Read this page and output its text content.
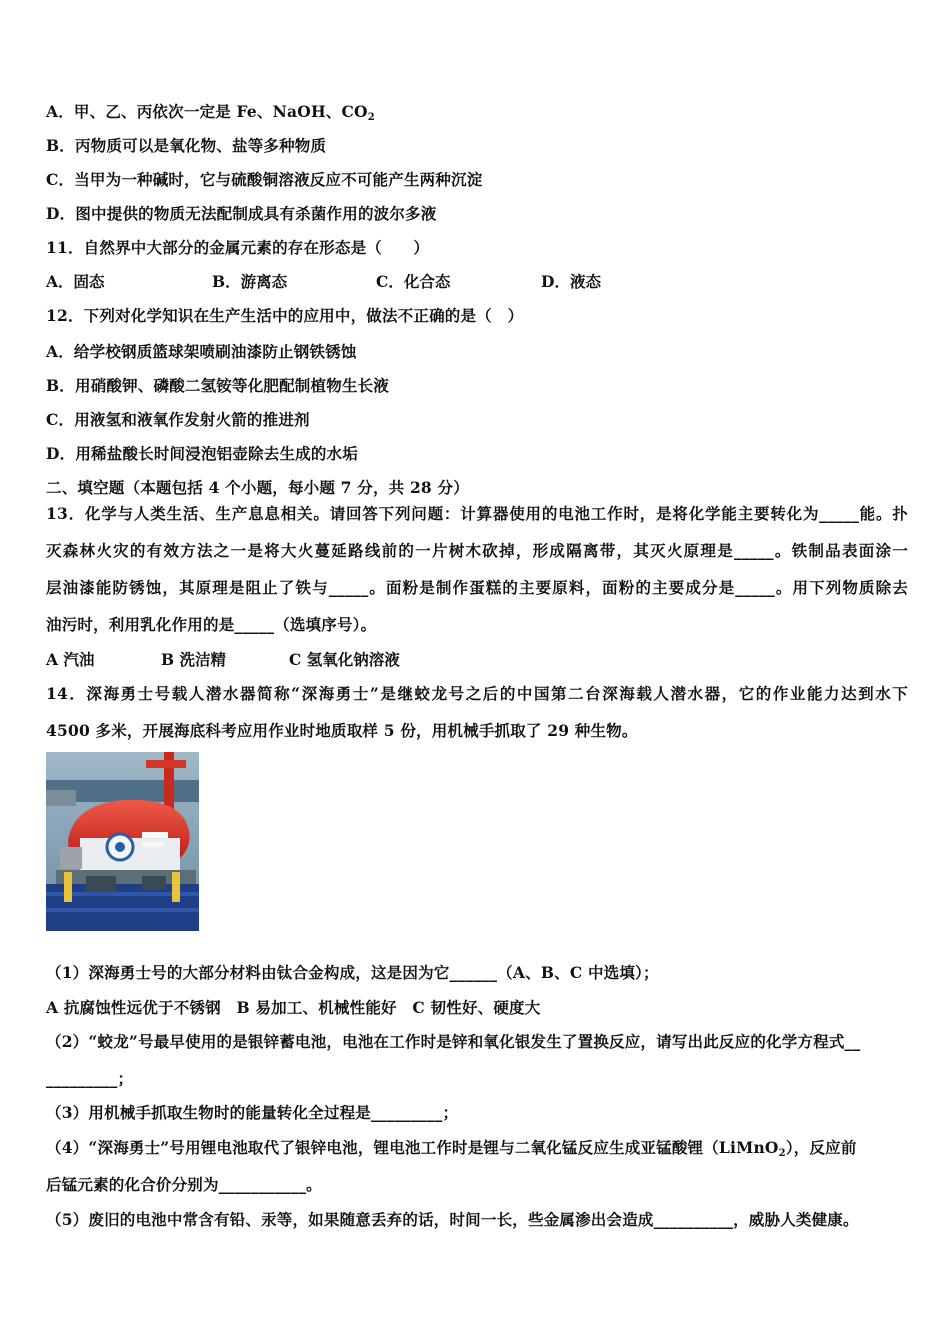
A．甲、乙、丙依次一定是 Fe、NaOH、$CO_2$
B．丙物质可以是氧化物、盐等多种物质
C．当甲为一种碱时，它与硫酸铜溶液反应不可能产生两种沉淀
D．图中提供的物质无法配制成具有杀菌作用的波尔多液
11．自然界中大部分的金属元素的存在形态是（　　）
A．固态	B．游离态	C．化合态	D．液态
12．下列对化学知识在生产生活中的应用中，做法不正确的是（　）
A．给学校钢质篮球架喷刷油漆防止钢铁锈蚀
B．用硝酸钾、磷酸二氢铵等化肥配制植物生长液
C．用液氢和液氧作发射火箭的推进剂
D．用稀盐酸长时间浸泡铝壶除去生成的水垢
二、填空题（本题包括 4 个小题，每小题 7 分，共 28 分）
13．化学与人类生活、生产息息相关。请回答下列问题：计算器使用的电池工作时，是将化学能主要转化为_____能。扑
灭森林火灾的有效方法之一是将大火蔓延路线前的一片树木砍掉，形成隔离带，其灭火原理是_____。铁制品表面涂一
层油漆能防锈蚀，其原理是阻止了铁与_____。面粉是制作蛋糕的主要原料，面粉的主要成分是_____。用下列物质除去
油污时，利用乳化作用的是_____（选填序号）。
A 汽油	B 洗洁精	C 氢氧化钠溶液
14．深海勇士号载人潜水器简称“深海勇士”是继蛟龙号之后的中国第二台深海载人潜水器，它的作业能力达到水下
4500 多米，开展海底科考应用作业时地质取样 5 份，用机械手抓取了 29 种生物。
（1）深海勇士号的大部分材料由钛合金构成，这是因为它______（A、B、C 中选填）；
A 抗腐蚀性远优于不锈钢　B 易加工、机械性能好　C 韧性好、硬度大
（2）“蛟龙”号最早使用的是银锌蓄电池，电池在工作时是锌和氧化银发生了置换反应，请写出此反应的化学方程式__
_________；
（3）用机械手抓取生物时的能量转化全过程是_________；
（4）“深海勇士”号用锂电池取代了银锌电池，锂电池工作时是锂与二氧化锰反应生成亚锰酸锂（LiMnO$_2$），反应前
后锰元素的化合价分别为___________。
（5）废旧的电池中常含有铅、汞等，如果随意丢弃的话，时间一长，些金属渗出会造成__________，威胁人类健康。
